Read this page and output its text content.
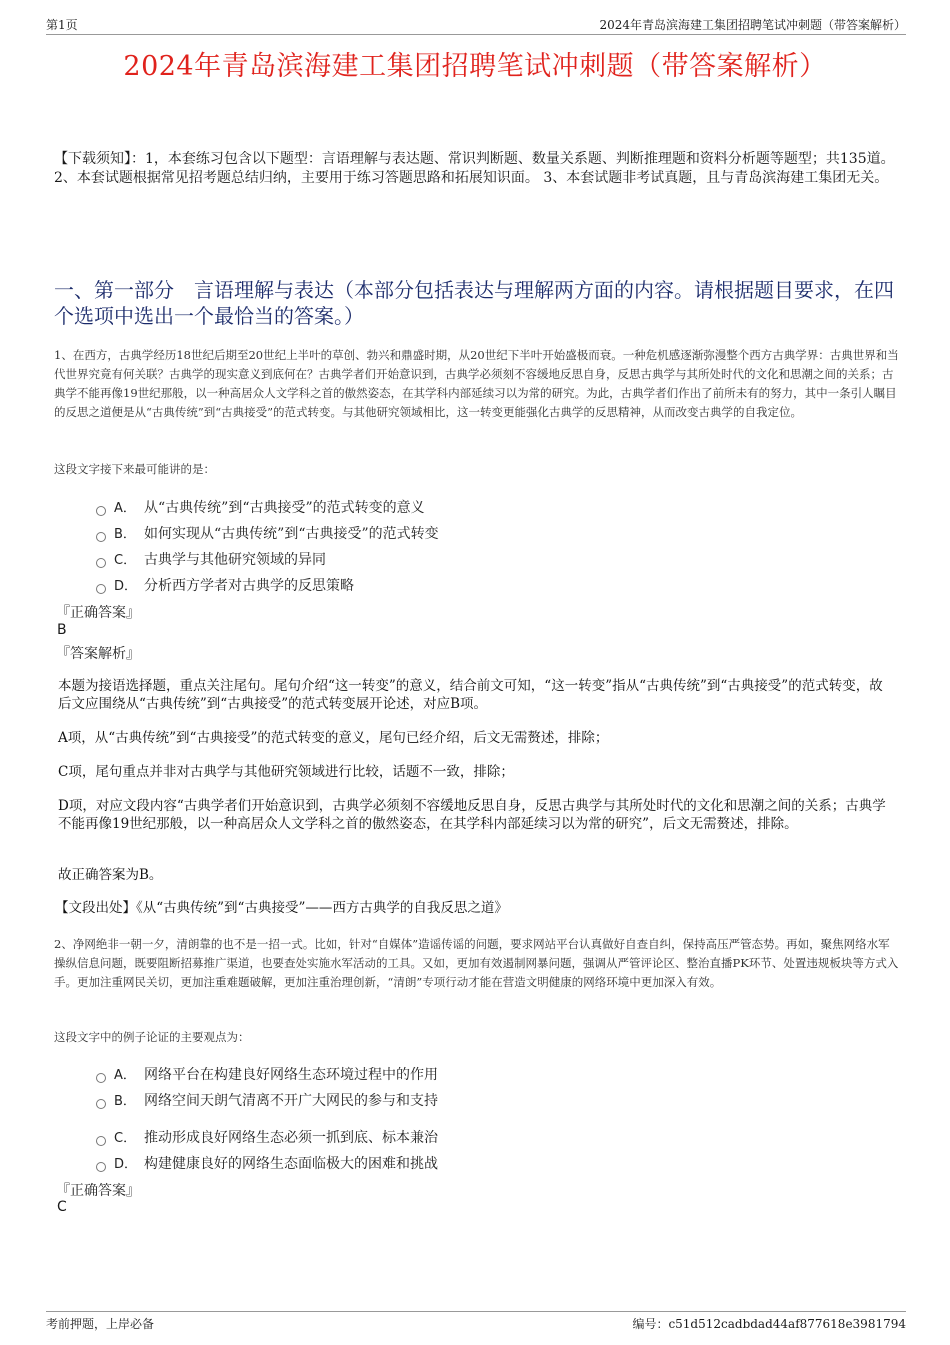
第1页	2024年青岛滨海建工集团招聘笔试冲刺题（带答案解析）
2024年青岛滨海建工集团招聘笔试冲刺题（带答案解析）
【下载须知】：1，本套练习包含以下题型：言语理解与表达题、常识判断题、数量关系题、判断推理题和资料分析题等题型；共135道。 2、本套试题根据常见招考题总结归纳，主要用于练习答题思路和拓展知识面。 3、本套试题非考试真题，且与青岛滨海建工集团无关。
一、第一部分　言语理解与表达（本部分包括表达与理解两方面的内容。请根据题目要求，在四个选项中选出一个最恰当的答案。）
1、在西方，古典学经历18世纪后期至20世纪上半叶的草创、勃兴和鼎盛时期，从20世纪下半叶开始盛极而衰。一种危机感逐渐弥漫整个西方古典学界：古典世界和当代世界究竟有何关联？古典学的现实意义到底何在？古典学者们开始意识到，古典学必须刻不容缓地反思自身，反思古典学与其所处时代的文化和思潮之间的关系；古典学不能再像19世纪那般，以一种高居众人文学科之首的傲然姿态，在其学科内部延续习以为常的研究。为此，古典学者们作出了前所未有的努力，其中一条引人瞩目的反思之道便是从“古典传统”到“古典接受”的范式转变。与其他研究领域相比，这一转变更能强化古典学的反思精神，从而改变古典学的自我定位。
这段文字接下来最可能讲的是：
A． 从“古典传统”到“古典接受”的范式转变的意义
B． 如何实现从“古典传统”到“古典接受”的范式转变
C． 古典学与其他研究领域的异同
D． 分析西方学者对古典学的反思策略
『正确答案』
B
『答案解析』
本题为接语选择题，重点关注尾句。尾句介绍“这一转变”的意义，结合前文可知，“这一转变”指从“古典传统”到“古典接受”的范式转变，故后文应围绕从“古典传统”到“古典接受”的范式转变展开论述，对应B项。
A项，从“古典传统”到“古典接受”的范式转变的意义，尾句已经介绍，后文无需赘述，排除；
C项，尾句重点并非对古典学与其他研究领域进行比较，话题不一致，排除；
D项，对应文段内容“古典学者们开始意识到，古典学必须刻不容缓地反思自身，反思古典学与其所处时代的文化和思潮之间的关系；古典学不能再像19世纪那般，以一种高居众人文学科之首的傲然姿态，在其学科内部延续习以为常的研究”，后文无需赘述，排除。
故正确答案为B。
【文段出处】《从“古典传统”到“古典接受”——西方古典学的自我反思之道》
2、净网绝非一朝一夕，清朗靠的也不是一招一式。比如，针对“自媒体”造谣传谣的问题，要求网站平台认真做好自查自纠，保持高压严管态势。再如，聚焦网络水军操纵信息问题，既要阻断招募推广渠道，也要查处实施水军活动的工具。又如，更加有效遏制网暴问题，强调从严管评论区、整治直播PK环节、处置违规板块等方式入手。更加注重网民关切，更加注重难题破解，更加注重治理创新，“清朗”专项行动才能在营造文明健康的网络环境中更加深入有效。
这段文字中的例子论证的主要观点为：
A． 网络平台在构建良好网络生态环境过程中的作用
B． 网络空间天朗气清离不开广大网民的参与和支持
C． 推动形成良好网络生态必须一抓到底、标本兼治
D． 构建健康良好的网络生态面临极大的困难和挑战
『正确答案』
C
考前押题，上岸必备	编号：c51d512cadbdad44af877618e3981794
